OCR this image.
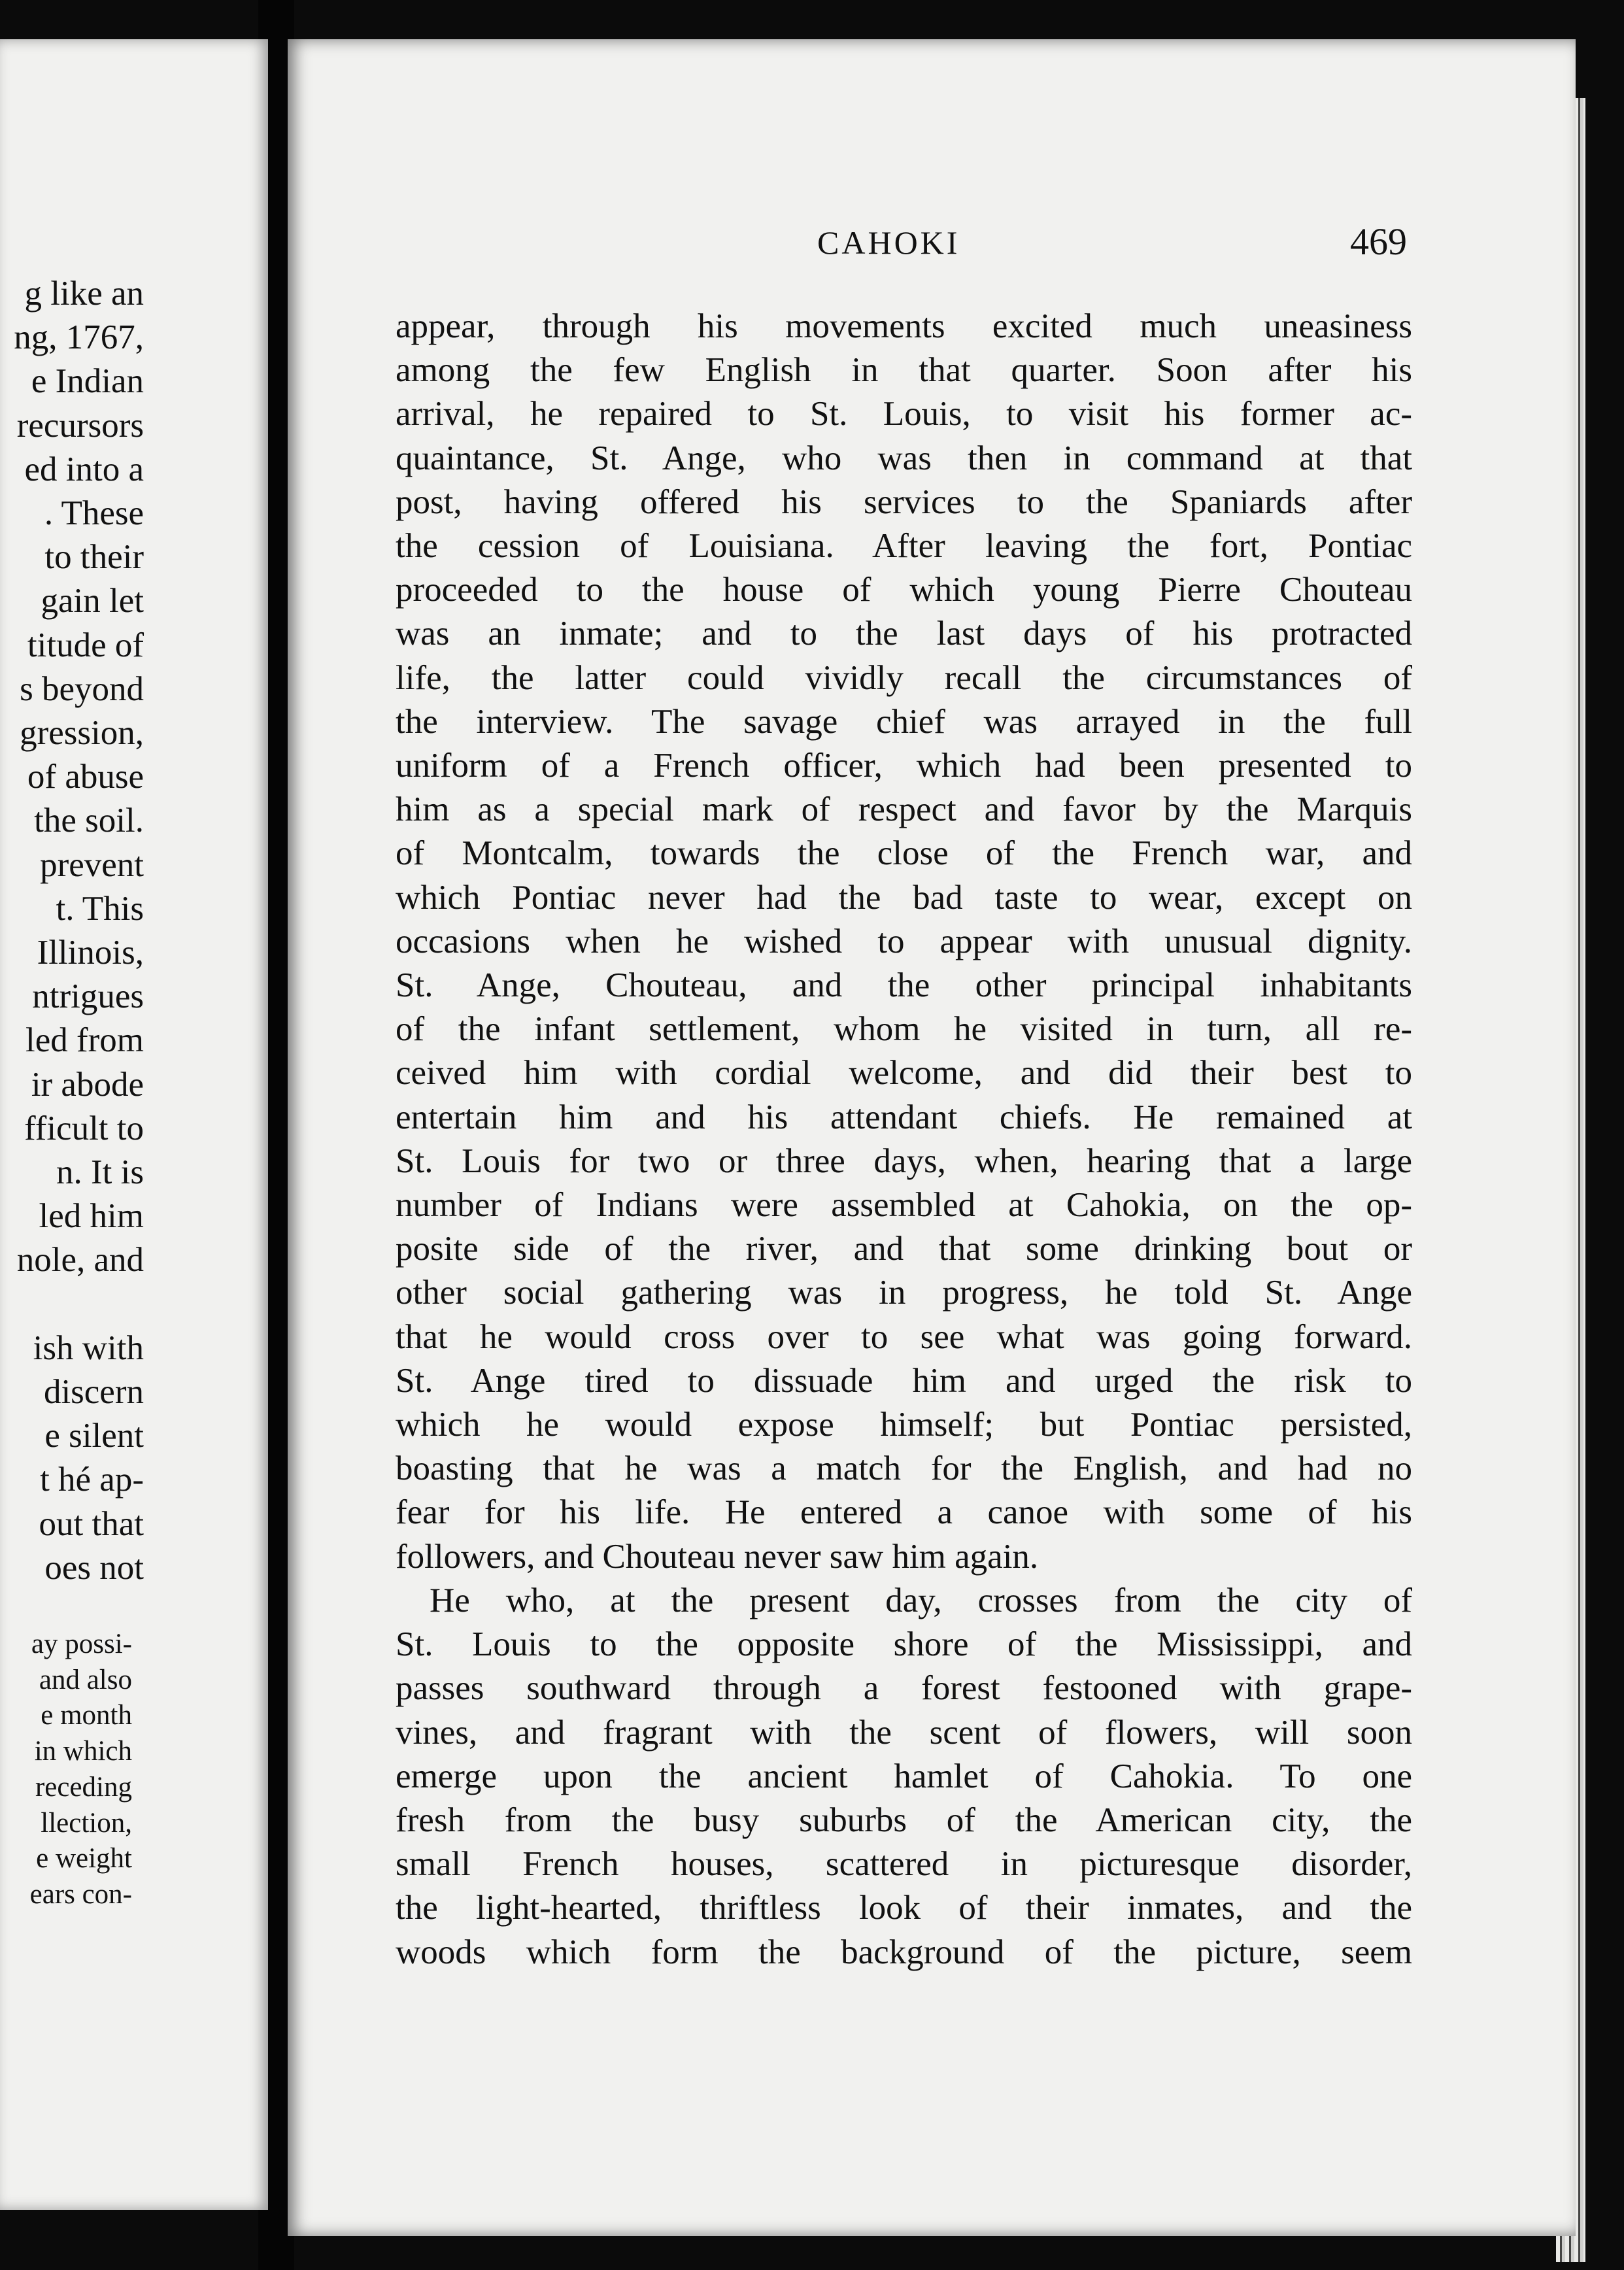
g like an
ng, 1767,
e Indian
recursors
ed into a
. These
to their
gain let
titude of
s beyond
gression,
of abuse
the soil.
prevent
t. This
Illinois,
ntrigues
led from
ir abode
fficult to
n. It is
led him
nole, and

ish with
discern
e silent
t hé ap-
out that
oes not
ay possi-
and also
e month
in which
receding
llection,
e weight
ears con-
CAHOKI	469
appear, through his movements excited much uneasiness
among the few English in that quarter. Soon after his
arrival, he repaired to St. Louis, to visit his former ac-
quaintance, St. Ange, who was then in command at that
post, having offered his services to the Spaniards after
the cession of Louisiana. After leaving the fort, Pontiac
proceeded to the house of which young Pierre Chouteau
was an inmate; and to the last days of his protracted
life, the latter could vividly recall the circumstances of
the interview. The savage chief was arrayed in the full
uniform of a French officer, which had been presented to
him as a special mark of respect and favor by the Marquis
of Montcalm, towards the close of the French war, and
which Pontiac never had the bad taste to wear, except on
occasions when he wished to appear with unusual dignity.
St. Ange, Chouteau, and the other principal inhabitants
of the infant settlement, whom he visited in turn, all re-
ceived him with cordial welcome, and did their best to
entertain him and his attendant chiefs. He remained at
St. Louis for two or three days, when, hearing that a large
number of Indians were assembled at Cahokia, on the op-
posite side of the river, and that some drinking bout or
other social gathering was in progress, he told St. Ange
that he would cross over to see what was going forward.
St. Ange tired to dissuade him and urged the risk to
which he would expose himself; but Pontiac persisted,
boasting that he was a match for the English, and had no
fear for his life. He entered a canoe with some of his
followers, and Chouteau never saw him again.
He who, at the present day, crosses from the city of
St. Louis to the opposite shore of the Mississippi, and
passes southward through a forest festooned with grape-
vines, and fragrant with the scent of flowers, will soon
emerge upon the ancient hamlet of Cahokia. To one
fresh from the busy suburbs of the American city, the
small French houses, scattered in picturesque disorder,
the light-hearted, thriftless look of their inmates, and the
woods which form the background of the picture, seem
